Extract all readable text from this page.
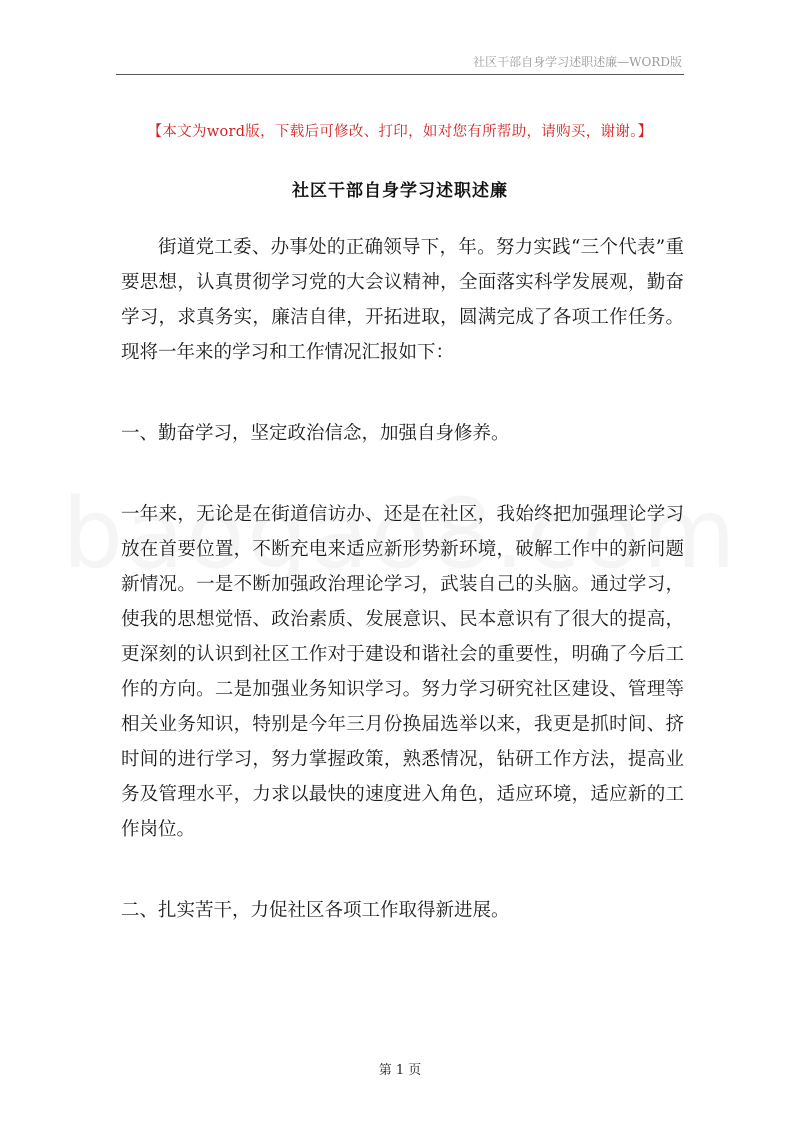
社区干部自身学习述职述廉—WORD版
【本文为word版，下载后可修改、打印，如对您有所帮助，请购买，谢谢。】
社区干部自身学习述职述廉

街道党工委、办事处的正确领导下，年。努力实践“三个代表”重要思想，认真贯彻学习党的大会议精神，全面落实科学发展观，勤奋学习，求真务实，廉洁自律，开拓进取，圆满完成了各项工作任务。现将一年来的学习和工作情况汇报如下：

一、勤奋学习，坚定政治信念，加强自身修养。

一年来，无论是在街道信访办、还是在社区，我始终把加强理论学习放在首要位置，不断充电来适应新形势新环境，破解工作中的新问题新情况。一是不断加强政治理论学习，武装自己的头脑。通过学习，使我的思想觉悟、政治素质、发展意识、民本意识有了很大的提高，更深刻的认识到社区工作对于建设和谐社会的重要性，明确了今后工作的方向。二是加强业务知识学习。努力学习研究社区建设、管理等相关业务知识，特别是今年三月份换届选举以来，我更是抓时间、挤时间的进行学习，努力掌握政策，熟悉情况，钻研工作方法，提高业务及管理水平，力求以最快的速度进入角色，适应环境，适应新的工作岗位。

二、扎实苦干，力促社区各项工作取得新进展。

第 1 页
